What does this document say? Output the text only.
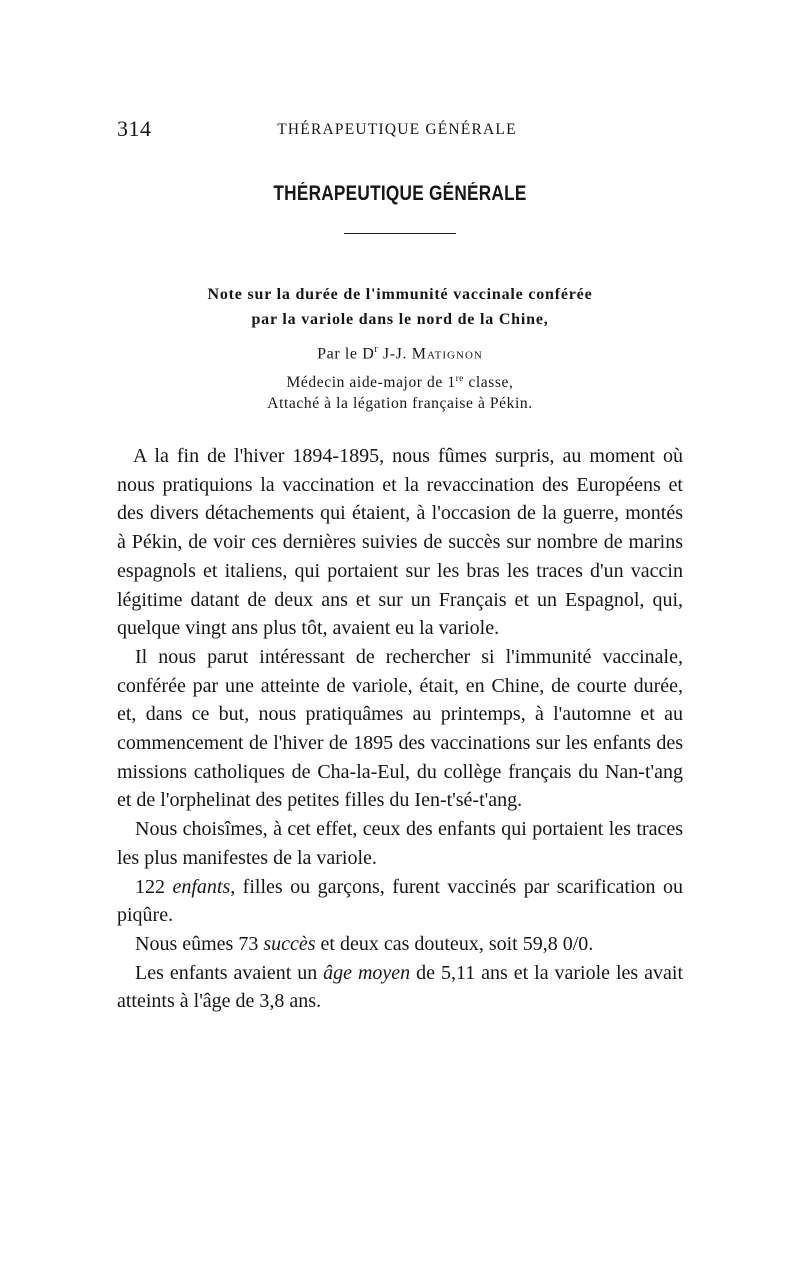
314	THÉRAPEUTIQUE GÉNÉRALE
THÉRAPEUTIQUE GÉNÉRALE
Note sur la durée de l'immunité vaccinale conférée
par la variole dans le nord de la Chine,
Par le $D^r$ J-J. Matignon
Médecin aide-major de 1re classe,
Attaché à la légation française à Pékin.

A la fin de l'hiver 1894-1895, nous fûmes surpris, au moment où nous pratiquions la vaccination et la revaccination des Européens et des divers détachements qui étaient, à l'occasion de la guerre, montés à Pékin, de voir ces dernières suivies de succès sur nombre de marins espagnols et italiens, qui portaient sur les bras les traces d'un vaccin légitime datant de deux ans et sur un Français et un Espagnol, qui, quelque vingt ans plus tôt, avaient eu la variole.

Il nous parut intéressant de rechercher si l'immunité vaccinale, conférée par une atteinte de variole, était, en Chine, de courte durée, et, dans ce but, nous pratiquâmes au printemps, à l'automne et au commencement de l'hiver de 1895 des vaccinations sur les enfants des missions catholiques de Cha-la-Eul, du collège français du Nan-t'ang et de l'orphelinat des petites filles du Ien-t'sé-t'ang.

Nous choisîmes, à cet effet, ceux des enfants qui portaient les traces les plus manifestes de la variole.

122 enfants, filles ou garçons, furent vaccinés par scarification ou piqûre.

Nous eûmes 73 succès et deux cas douteux, soit 59,8 0/0.

Les enfants avaient un âge moyen de 5,11 ans et la variole les avait atteints à l'âge de 3,8 ans.
